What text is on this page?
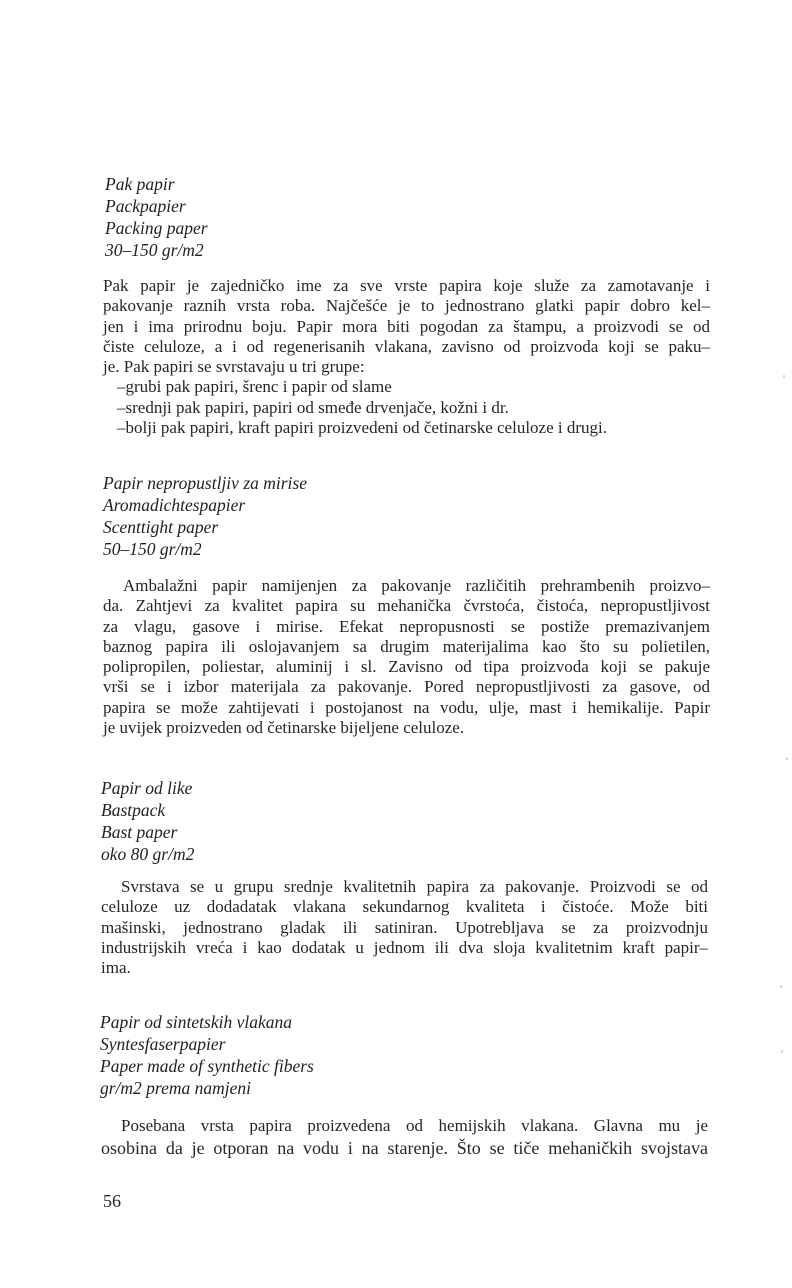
Pak papir
Packpapier
Packing paper
30–150 gr/m2
Pak papir je zajedničko ime za sve vrste papira koje služe za zamotavanje i
pakovanje raznih vrsta roba. Najčešće je to jednostrano glatki papir dobro kel–
jen i ima prirodnu boju. Papir mora biti pogodan za štampu, a proizvodi se od
čiste celuloze, a i od regenerisanih vlakana, zavisno od proizvoda koji se paku–
je. Pak papiri se svrstavaju u tri grupe:
–grubi pak papiri, šrenc i papir od slame
–srednji pak papiri, papiri od smeđe drvenjače, kožni i dr.
–bolji pak papiri, kraft papiri proizvedeni od četinarske celuloze i drugi.
Papir nepropustljiv za mirise
Aromadichtespapier
Scenttight paper
50–150 gr/m2
Ambalažni papir namijenjen za pakovanje različitih prehrambenih proizvo–
da. Zahtjevi za kvalitet papira su mehanička čvrstoća, čistoća, nepropustljivost
za vlagu, gasove i mirise. Efekat nepropusnosti se postiže premazivanjem
baznog papira ili oslojavanjem sa drugim materijalima kao što su polietilen,
polipropilen, poliestar, aluminij i sl. Zavisno od tipa proizvoda koji se pakuje
vrši se i izbor materijala za pakovanje. Pored nepropustljivosti za gasove, od
papira se može zahtijevati i postojanost na vodu, ulje, mast i hemikalije. Papir
je uvijek proizveden od četinarske bijeljene celuloze.
Papir od like
Bastpack
Bast paper
oko 80 gr/m2
Svrstava se u grupu srednje kvalitetnih papira za pakovanje. Proizvodi se od
celuloze uz dodadatak vlakana sekundarnog kvaliteta i čistoće. Može biti
mašinski, jednostrano gladak ili satiniran. Upotrebljava se za proizvodnju
industrijskih vreća i kao dodatak u jednom ili dva sloja kvalitetnim kraft papir–
ima.
Papir od sintetskih vlakana
Syntesfaserpapier
Paper made of synthetic fibers
gr/m2 prema namjeni
Posebana vrsta papira proizvedena od hemijskih vlakana. Glavna mu je
osobina da je otporan na vodu i na starenje. Što se tiče mehaničkih svojstava
56
